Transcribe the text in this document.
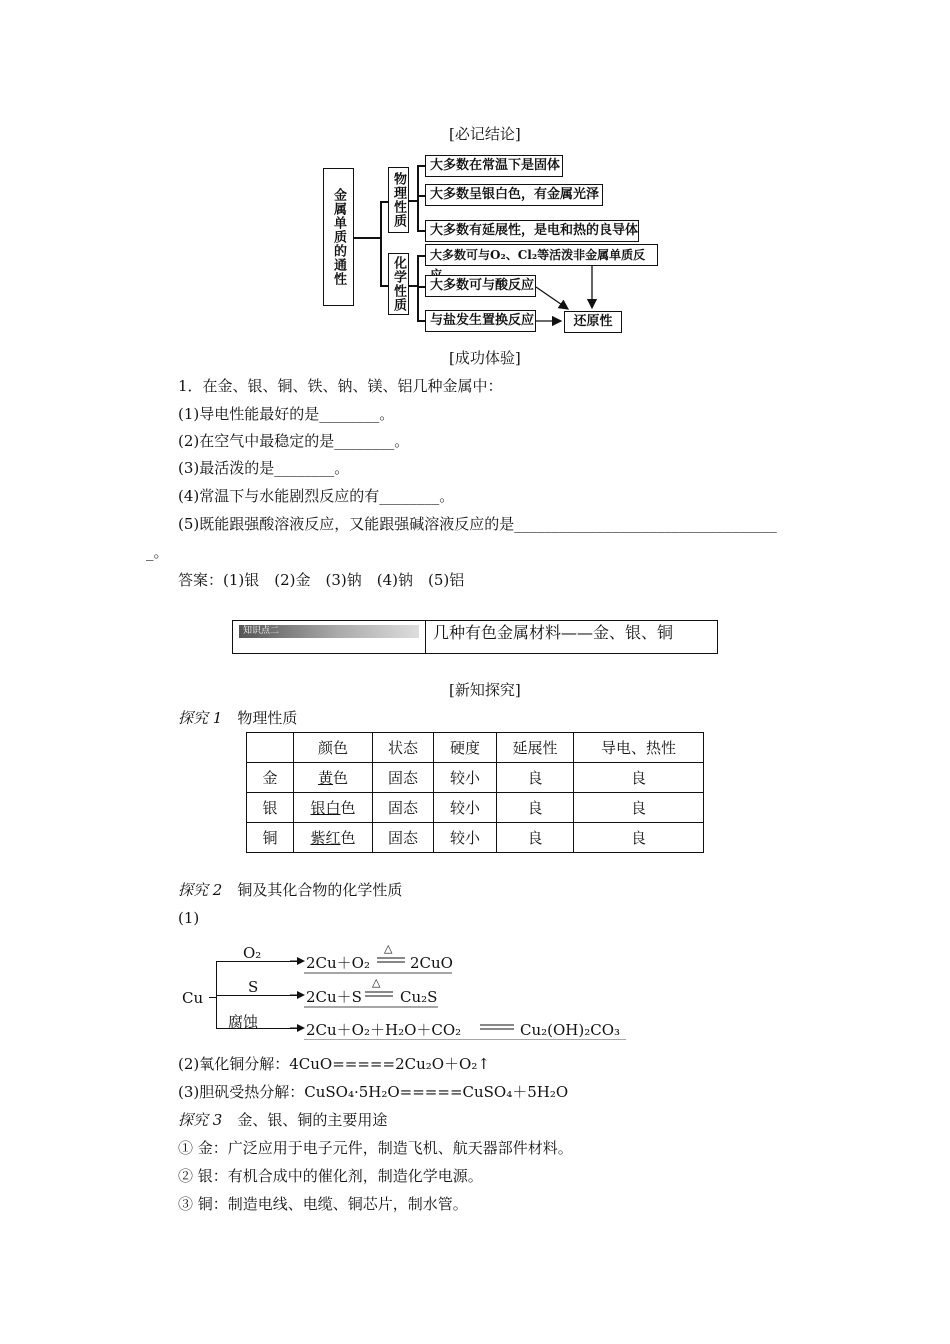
[必记结论]
金属单质的通性	物理性质
化学性质
大多数在常温下是固体
大多数呈银白色，有金属光泽
大多数有延展性，是电和热的良导体
大多数可与O₂、Cl₂等活泼非金属单质反
大多数可与酸反应
与盐发生置换反应	还原性
[成功体验]
1．在金、银、铜、铁、钠、镁、铝几种金属中：
(1)导电性能最好的是________。
(2)在空气中最稳定的是________。
(3)最活泼的是________。
(4)常温下与水能剧烈反应的有________。
(5)既能跟强酸溶液反应，又能跟强碱溶液反应的是___________________________________
_。
答案：(1)银　(2)金　(3)钠　(4)钠　(5)铝
知识点二	几种有色金属材料——金、银、铜
[新知探究]
探究 1　 物理性质
	颜色	状态	硬度	延展性	导电、热性
金	黄色	固态	较小	良	良
银	银白色	固态	较小	良	良
铜	紫红色	固态	较小	良	良
探究 2　 铜及其化合物的化学性质
(1)
Cu
O₂
S
腐蚀
2Cu＋O₂
△
2CuO
2Cu＋S
△
Cu₂S
2Cu＋O₂＋H₂O＋CO₂	Cu₂(OH)₂CO₃
(2)氧化铜分解：4CuO=====2Cu₂O＋O₂↑
(3)胆矾受热分解：CuSO₄·5H₂O=====CuSO₄＋5H₂O
探究 3　 金、银、铜的主要用途
① 金：广泛应用于电子元件，制造飞机、航天器部件材料。
② 银：有机合成中的催化剂，制造化学电源。
③ 铜：制造电线、电缆、铜芯片，制水管。
